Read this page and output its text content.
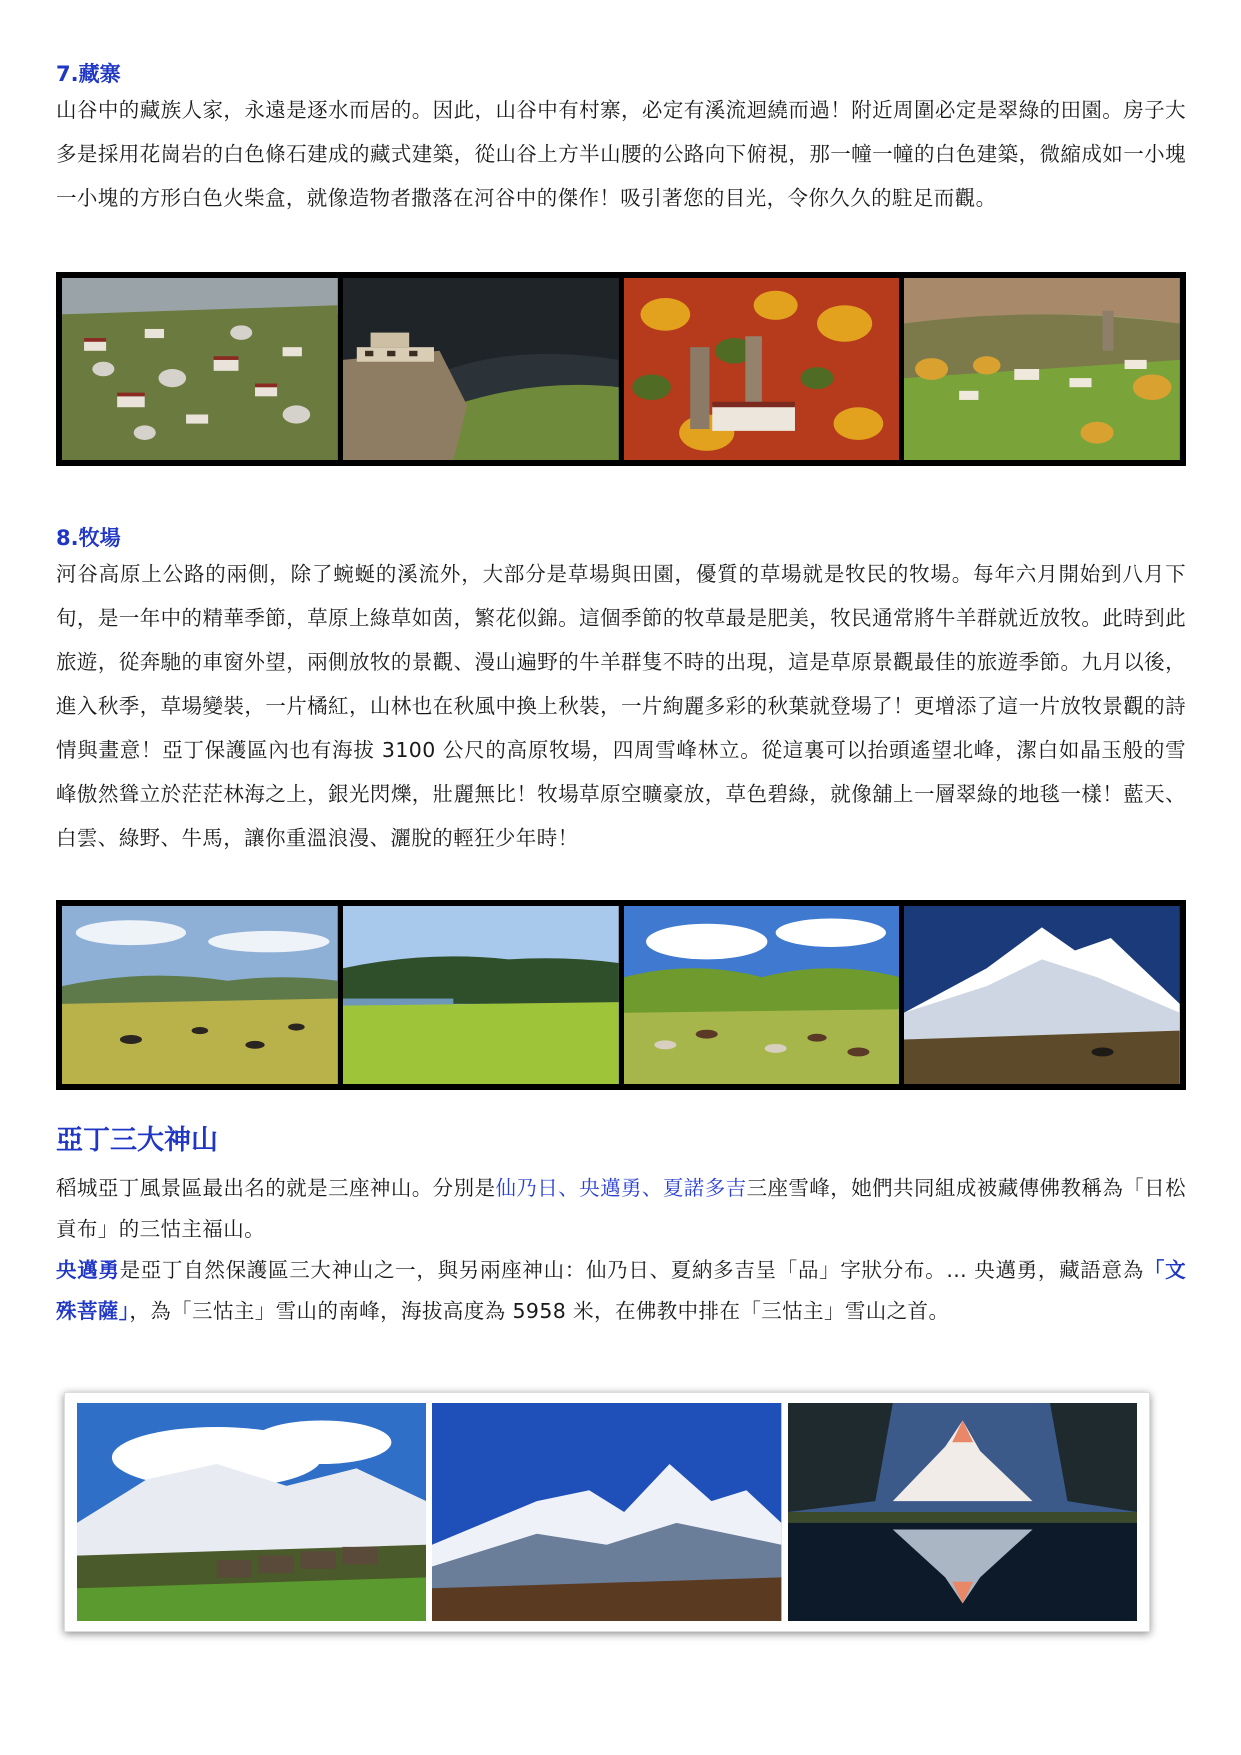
7.藏寨

山谷中的藏族人家，永遠是逐水而居的。因此，山谷中有村寨，必定有溪流迴繞而過！附近周圍必定是翠綠的田園。房子大多是採用花崗岩的白色條石建成的藏式建築，從山谷上方半山腰的公路向下俯視，那一幢一幢的白色建築，微縮成如一小塊一小塊的方形白色火柴盒，就像造物者撒落在河谷中的傑作！吸引著您的目光，令你久久的駐足而觀。

8.牧場

河谷高原上公路的兩側，除了蜿蜒的溪流外，大部分是草場與田園，優質的草場就是牧民的牧場。每年六月開始到八月下旬，是一年中的精華季節，草原上綠草如茵，繁花似錦。這個季節的牧草最是肥美，牧民通常將牛羊群就近放牧。此時到此旅遊，從奔馳的車窗外望，兩側放牧的景觀、漫山遍野的牛羊群隻不時的出現，這是草原景觀最佳的旅遊季節。九月以後，進入秋季，草場變裝，一片橘紅，山林也在秋風中換上秋裝，一片絢麗多彩的秋葉就登場了！更增添了這一片放牧景觀的詩情與畫意！亞丁保護區內也有海拔 3100 公尺的高原牧場，四周雪峰林立。從這裏可以抬頭遙望北峰，潔白如晶玉般的雪峰傲然聳立於茫茫林海之上，銀光閃爍，壯麗無比！牧場草原空曠豪放，草色碧綠，就像舖上一層翠綠的地毯一樣！藍天、白雲、綠野、牛馬，讓你重溫浪漫、灑脫的輕狂少年時！

亞丁三大神山

稻城亞丁風景區最出名的就是三座神山。分別是仙乃日、央邁勇、夏諾多吉三座雪峰，她們共同組成被藏傳佛教稱為「日松貢布」的三怙主福山。

央邁勇是亞丁自然保護區三大神山之一，與另兩座神山：仙乃日、夏納多吉呈「品」字狀分布。... 央邁勇，藏語意為「文殊菩薩」，為「三怙主」雪山的南峰，海拔高度為 5958 米，在佛教中排在「三怙主」雪山之首。
